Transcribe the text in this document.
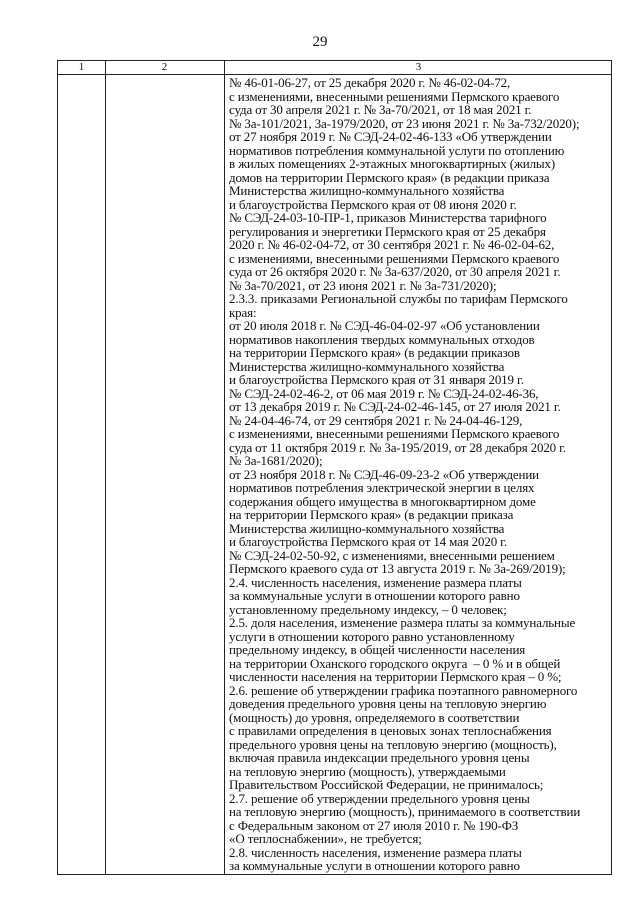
29
1	2	3
№ 46-01-06-27, от 25 декабря 2020 г. № 46-02-04-72,
с изменениями, внесенными решениями Пермского краевого
суда от 30 апреля 2021 г. № 3а-70/2021, от 18 мая 2021 г.
№ 3а-101/2021, 3а-1979/2020, от 23 июня 2021 г. № 3а-732/2020);
от 27 ноября 2019 г. № СЭД-24-02-46-133 «Об утверждении
нормативов потребления коммунальной услуги по отоплению
в жилых помещениях 2-этажных многоквартирных (жилых)
домов на территории Пермского края» (в редакции приказа
Министерства жилищно-коммунального хозяйства
и благоустройства Пермского края от 08 июня 2020 г.
№ СЭД-24-03-10-ПР-1, приказов Министерства тарифного
регулирования и энергетики Пермского края от 25 декабря
2020 г. № 46-02-04-72, от 30 сентября 2021 г. № 46-02-04-62,
с изменениями, внесенными решениями Пермского краевого
суда от 26 октября 2020 г. № 3а-637/2020, от 30 апреля 2021 г.
№ 3а-70/2021, от 23 июня 2021 г. № 3а-731/2020);
2.3.3. приказами Региональной службы по тарифам Пермского
края:
от 20 июля 2018 г. № СЭД-46-04-02-97 «Об установлении
нормативов накопления твердых коммунальных отходов
на территории Пермского края» (в редакции приказов
Министерства жилищно-коммунального хозяйства
и благоустройства Пермского края от 31 января 2019 г.
№ СЭД-24-02-46-2, от 06 мая 2019 г. № СЭД-24-02-46-36,
от 13 декабря 2019 г. № СЭД-24-02-46-145, от 27 июля 2021 г.
№ 24-04-46-74, от 29 сентября 2021 г. № 24-04-46-129,
с изменениями, внесенными решениями Пермского краевого
суда от 11 октября 2019 г. № 3а-195/2019, от 28 декабря 2020 г.
№ 3а-1681/2020);
от 23 ноября 2018 г. № СЭД-46-09-23-2 «Об утверждении
нормативов потребления электрической энергии в целях
содержания общего имущества в многоквартирном доме
на территории Пермского края» (в редакции приказа
Министерства жилищно-коммунального хозяйства
и благоустройства Пермского края от 14 мая 2020 г.
№ СЭД-24-02-50-92, с изменениями, внесенными решением
Пермского краевого суда от 13 августа 2019 г. № 3а-269/2019);
2.4. численность населения, изменение размера платы
за коммунальные услуги в отношении которого равно
установленному предельному индексу, – 0 человек;
2.5. доля населения, изменение размера платы за коммунальные
услуги в отношении которого равно установленному
предельному индексу, в общей численности населения
на территории Оханского городского округа  – 0 % и в общей
численности населения на территории Пермского края – 0 %;
2.6. решение об утверждении графика поэтапного равномерного
доведения предельного уровня цены на тепловую энергию
(мощность) до уровня, определяемого в соответствии
с правилами определения в ценовых зонах теплоснабжения
предельного уровня цены на тепловую энергию (мощность),
включая правила индексации предельного уровня цены
на тепловую энергию (мощность), утверждаемыми
Правительством Российской Федерации, не принималось;
2.7. решение об утверждении предельного уровня цены
на тепловую энергию (мощность), принимаемого в соответствии
с Федеральным законом от 27 июля 2010 г. № 190-ФЗ
«О теплоснабжении», не требуется;
2.8. численность населения, изменение размера платы
за коммунальные услуги в отношении которого равно
